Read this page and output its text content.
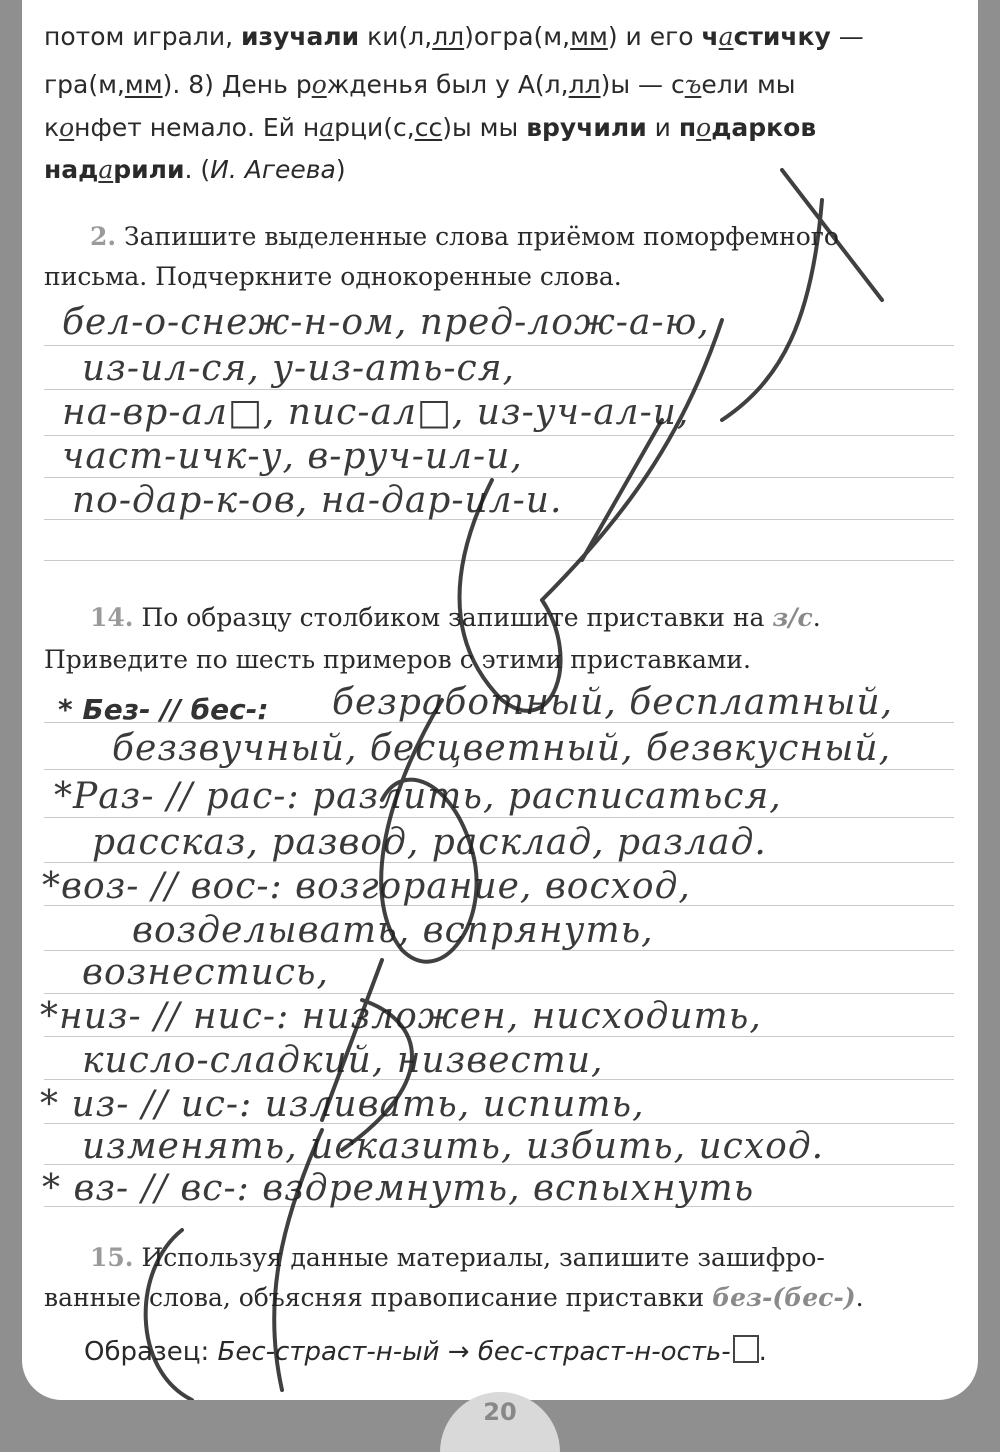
потом играли, изучали ки(л,лл)огра(м,мм) и его частичку —
гра(м,мм). 8) День рожденья был у А(л,лл)ы — съели мы
конфет немало. Ей нарци(с,сс)ы мы вручили и подарков
надарили. (И. Агеева)
2. Запишите выделенные слова приёмом поморфемного
письма. Подчеркните однокоренные слова.
бел-о-снеж-н-ом, пред-лож-а-ю,
из-ил-ся, у-из-ать-ся,
на-вр-ал□, пис-ал□, из-уч-ал-и,
част-ичк-у, в-руч-ил-и,
по-дар-к-ов, на-дар-ил-и.
14. По образцу столбиком запишите приставки на з/с.
Приведите по шесть примеров с этими приставками.
* Без- // бес-: безработный, бесплатный,
беззвучный, бесцветный, безвкусный,
*Раз- // рас-: разлить, расписаться,
рассказ, развод, расклад, разлад.
*воз- // вос-: возгорание, восход,
возделывать, вспрянуть,
вознестись,
*низ- // нис-: низложен, нисходить,
кисло-сладкий, низвести,
* из- // ис-: изливать, испить,
изменять, исказить, избить, исход.
* вз- // вс-: вздремнуть, вспыхнуть
15. Используя данные материалы, запишите зашифро-
ванные слова, объясняя правописание приставки без-(бес-).
Образец: Бес-страст-н-ый → бес-страст-н-ость- .
СДЕЛАНО
20
